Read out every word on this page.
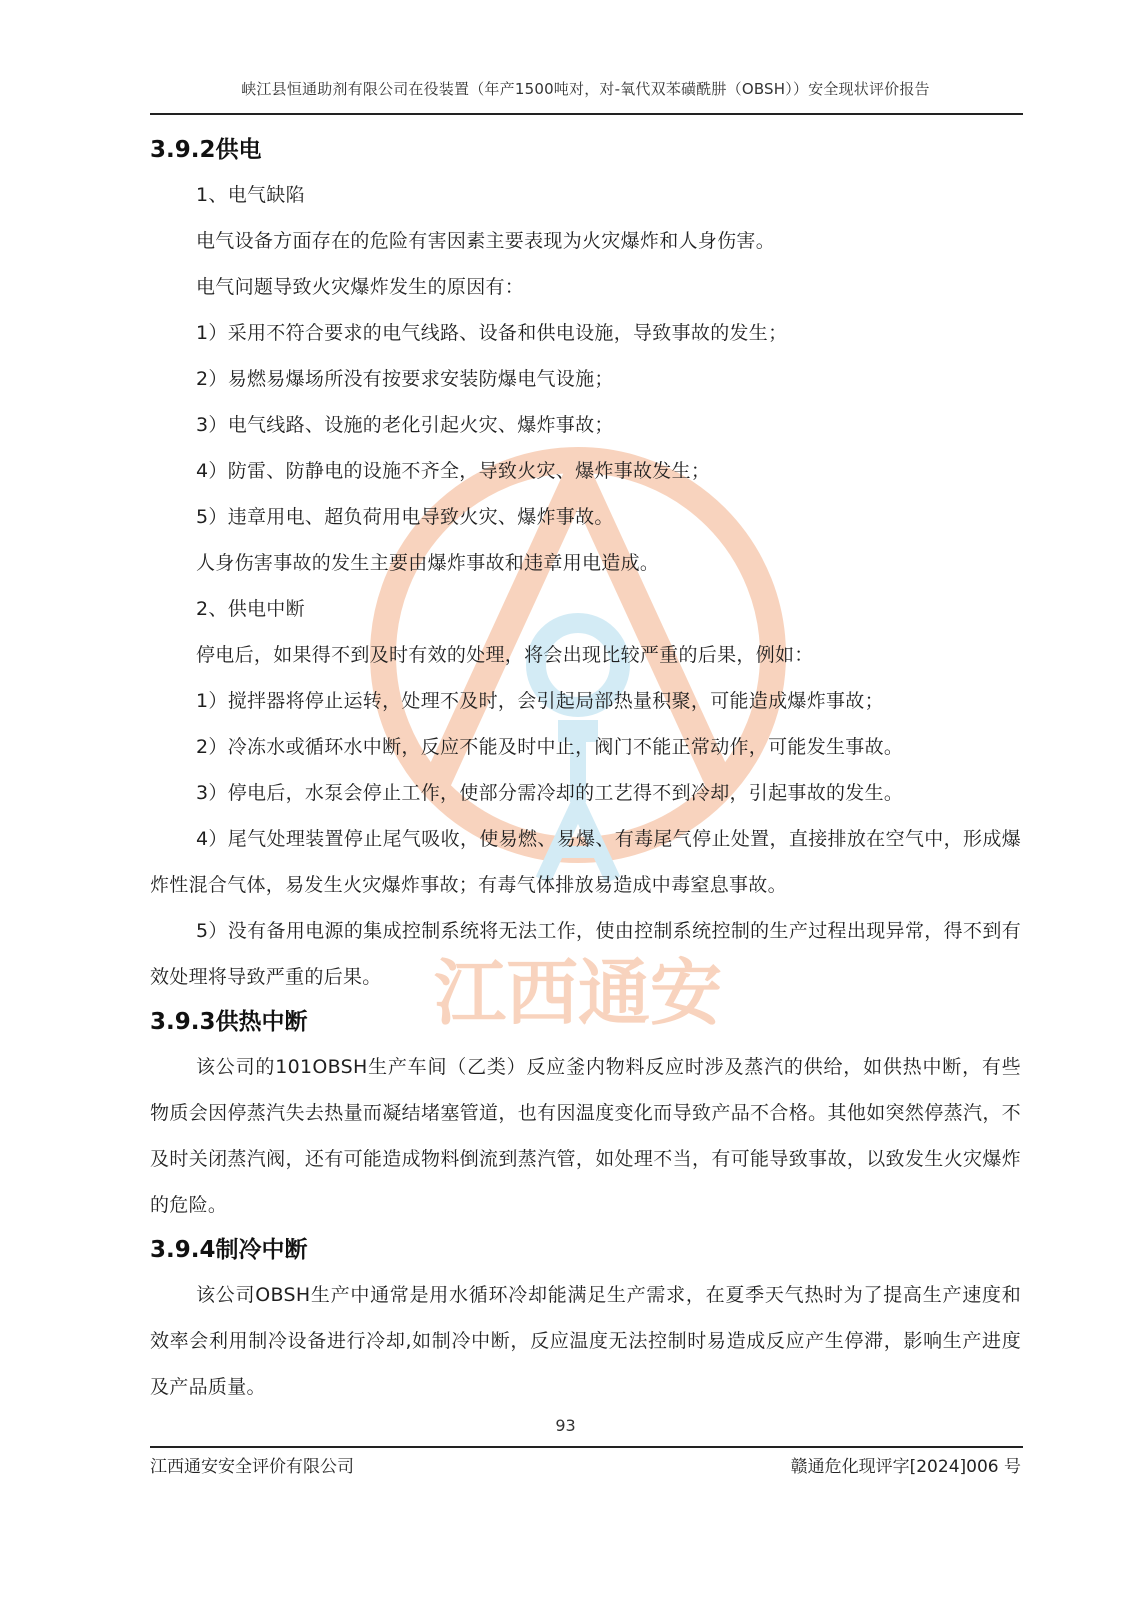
江西通安
峡江县恒通助剂有限公司在役装置（年产1500吨对，对-氧代双苯磺酰肼（OBSH））安全现状评价报告
3.9.2供电
1、电气缺陷
电气设备方面存在的危险有害因素主要表现为火灾爆炸和人身伤害。
电气问题导致火灾爆炸发生的原因有：
1）采用不符合要求的电气线路、设备和供电设施，导致事故的发生；
2）易燃易爆场所没有按要求安装防爆电气设施；
3）电气线路、设施的老化引起火灾、爆炸事故；
4）防雷、防静电的设施不齐全，导致火灾、爆炸事故发生；
5）违章用电、超负荷用电导致火灾、爆炸事故。
人身伤害事故的发生主要由爆炸事故和违章用电造成。
2、供电中断
停电后，如果得不到及时有效的处理，将会出现比较严重的后果，例如：
1）搅拌器将停止运转，处理不及时，会引起局部热量积聚，可能造成爆炸事故；
2）冷冻水或循环水中断，反应不能及时中止，阀门不能正常动作，可能发生事故。
3）停电后，水泵会停止工作，使部分需冷却的工艺得不到冷却，引起事故的发生。
4）尾气处理装置停止尾气吸收，使易燃、易爆、有毒尾气停止处置，直接排放在空气中，形成爆炸性混合气体，易发生火灾爆炸事故；有毒气体排放易造成中毒窒息事故。
5）没有备用电源的集成控制系统将无法工作，使由控制系统控制的生产过程出现异常，得不到有效处理将导致严重的后果。
3.9.3供热中断
该公司的101OBSH生产车间（乙类）反应釜内物料反应时涉及蒸汽的供给，如供热中断，有些物质会因停蒸汽失去热量而凝结堵塞管道，也有因温度变化而导致产品不合格。其他如突然停蒸汽，不及时关闭蒸汽阀，还有可能造成物料倒流到蒸汽管，如处理不当，有可能导致事故，以致发生火灾爆炸的危险。
3.9.4制冷中断
该公司OBSH生产中通常是用水循环冷却能满足生产需求，在夏季天气热时为了提高生产速度和效率会利用制冷设备进行冷却,如制冷中断，反应温度无法控制时易造成反应产生停滞，影响生产进度及产品质量。
93
江西通安安全评价有限公司	赣通危化现评字[2024]006 号
